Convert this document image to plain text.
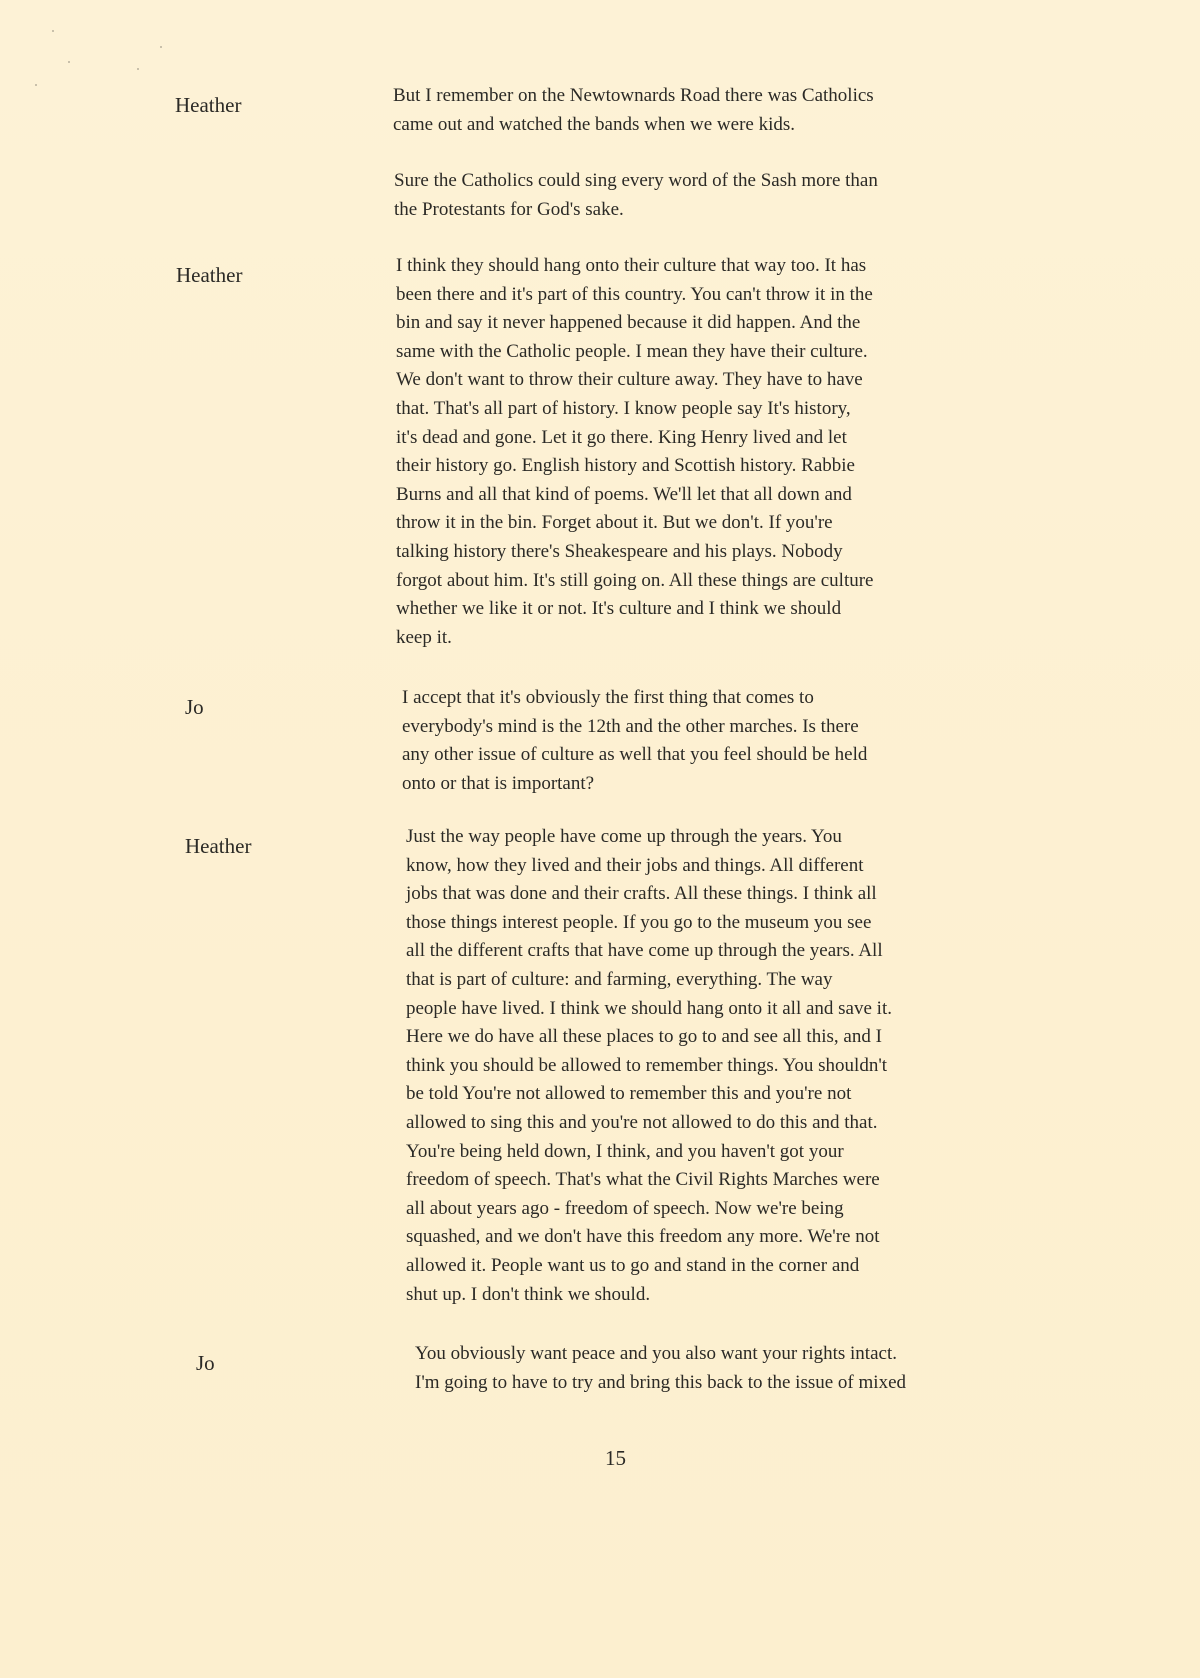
Heather	But I remember on the Newtownards Road there was Catholics
came out and watched the bands when we were kids.
Sure the Catholics could sing every word of the Sash more than
the Protestants for God's sake.
Heather	I think they should hang onto their culture that way too. It has
been there and it's part of this country. You can't throw it in the
bin and say it never happened because it did happen. And the
same with the Catholic people. I mean they have their culture.
We don't want to throw their culture away. They have to have
that. That's all part of history. I know people say It's history,
it's dead and gone. Let it go there. King Henry lived and let
their history go. English history and Scottish history. Rabbie
Burns and all that kind of poems. We'll let that all down and
throw it in the bin. Forget about it. But we don't. If you're
talking history there's Sheakespeare and his plays. Nobody
forgot about him. It's still going on. All these things are culture
whether we like it or not. It's culture and I think we should
keep it.
Jo	I accept that it's obviously the first thing that comes to
everybody's mind is the 12th and the other marches. Is there
any other issue of culture as well that you feel should be held
onto or that is important?
Heather	Just the way people have come up through the years. You
know, how they lived and their jobs and things. All different
jobs that was done and their crafts. All these things. I think all
those things interest people. If you go to the museum you see
all the different crafts that have come up through the years. All
that is part of culture: and farming, everything. The way
people have lived. I think we should hang onto it all and save it.
Here we do have all these places to go to and see all this, and I
think you should be allowed to remember things. You shouldn't
be told You're not allowed to remember this and you're not
allowed to sing this and you're not allowed to do this and that.
You're being held down, I think, and you haven't got your
freedom of speech. That's what the Civil Rights Marches were
all about years ago - freedom of speech. Now we're being
squashed, and we don't have this freedom any more. We're not
allowed it. People want us to go and stand in the corner and
shut up. I don't think we should.
Jo	You obviously want peace and you also want your rights intact.
I'm going to have to try and bring this back to the issue of mixed
15
